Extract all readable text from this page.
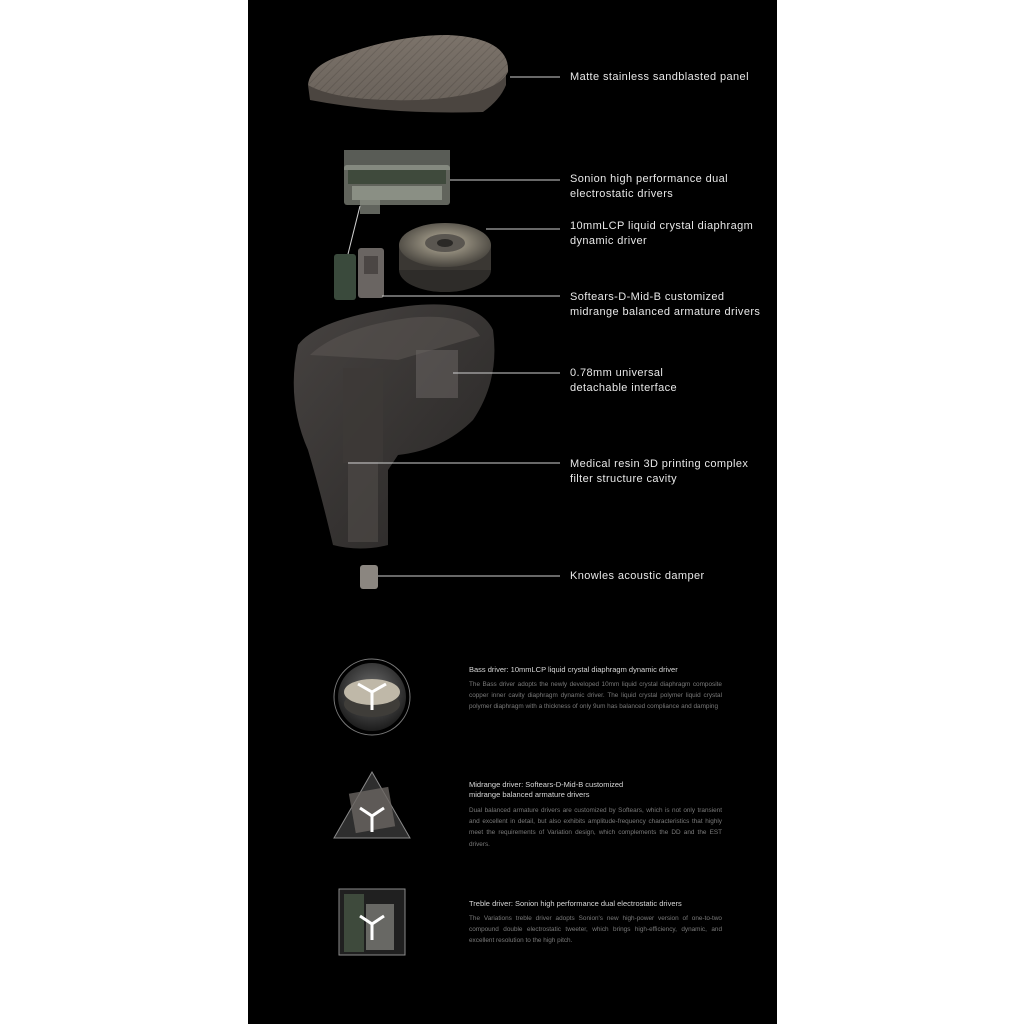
Matte stainless sandblasted panel
Sonion high performance dual
electrostatic drivers
10mmLCP liquid crystal diaphragm
dynamic driver
Softears-D-Mid-B customized
midrange balanced armature drivers
0.78mm universal
detachable interface
Medical resin 3D printing complex
filter structure cavity
Knowles acoustic damper
Bass driver: 10mmLCP liquid crystal diaphragm dynamic driver
The Bass driver adopts the newly developed 10mm liquid crystal diaphragm composite copper inner cavity diaphragm dynamic driver. The liquid crystal polymer liquid crystal polymer diaphragm with a thickness of only 9um has balanced compliance and damping
Midrange driver: Softears-D-Mid-B customized
midrange balanced armature drivers
Dual balanced armature drivers are customized by Softears, which is not only transient and excellent in detail, but also exhibits amplitude-frequency characteristics that highly meet the requirements of Variation design, which complements the DD and the EST drivers.
Treble driver: Sonion high performance dual electrostatic drivers
The Variations treble driver adopts Sonion's new high-power version of one-to-two compound double electrostatic tweeter, which brings high-efficiency, dynamic, and excellent resolution to the high pitch.
